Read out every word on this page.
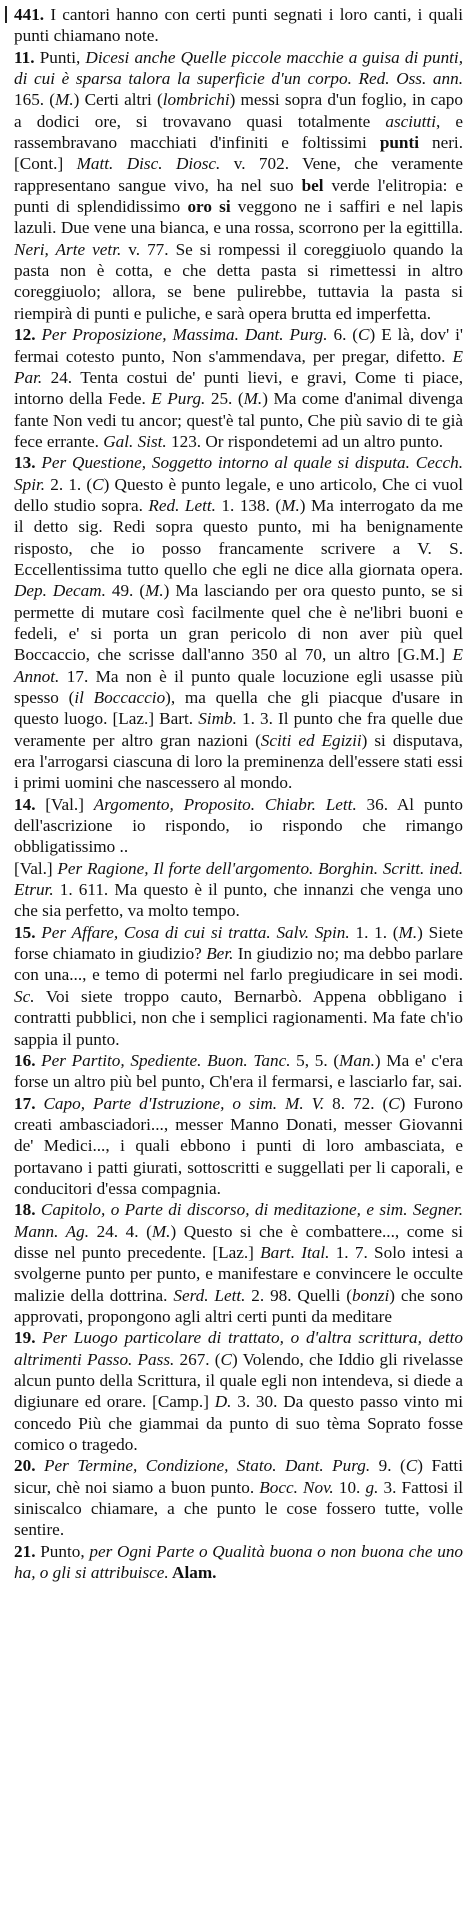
441. I cantori hanno con certi punti segnati i loro canti, i quali punti chiamano note.

11. Punti, Dicesi anche Quelle piccole macchie a guisa di punti, di cui è sparsa talora la superficie d'un corpo. Red. Oss. ann. 165. (M.) Certi altri (lombrichi) messi sopra d'un foglio, in capo a dodici ore, si trovavano quasi totalmente asciutti, e rassembravano macchiati d'infiniti e foltissimi punti neri. [Cont.] Matt. Disc. Diosc. v. 702. Vene, che veramente rappresentano sangue vivo, ha nel suo bel verde l'elitropia: e punti di splendidissimo oro si veggono ne i saffiri e nel lapis lazuli. Due vene una bianca, e una rossa, scorrono per la egittilla. Neri, Arte vetr. v. 77. Se si rompessi il coreggiuolo quando la pasta non è cotta, e che detta pasta si rimettessi in altro coreggiuolo; allora, se bene pulirebbe, tuttavia la pasta si riempirà di punti e puliche, e sarà opera brutta ed imperfetta.

12. Per Proposizione, Massima. Dant. Purg. 6. (C) E là, dov' i' fermai cotesto punto, Non s'ammendava, per pregar, difetto. E Par. 24. Tenta costui de' punti lievi, e gravi, Come ti piace, intorno della Fede. E Purg. 25. (M.) Ma come d'animal divenga fante Non vedi tu ancor; quest'è tal punto, Che più savio di te già fece errante. Gal. Sist. 123. Or rispondetemi ad un altro punto.

13. Per Questione, Soggetto intorno al quale si disputa. Cecch. Spir. 2. 1. (C) Questo è punto legale, e uno articolo, Che ci vuol dello studio sopra. Red. Lett. 1. 138. (M.) Ma interrogato da me il detto sig. Redi sopra questo punto, mi ha benignamente risposto, che io posso francamente scrivere a V. S. Eccellentissima tutto quello che egli ne dice alla giornata opera. Dep. Decam. 49. (M.) Ma lasciando per ora questo punto, se si permette di mutare così facilmente quel che è ne'libri buoni e fedeli, e' si porta un gran pericolo di non aver più quel Boccaccio, che scrisse dall'anno 350 al 70, un altro [G.M.] E Annot. 17. Ma non è il punto quale locuzione egli usasse più spesso (il Boccaccio), ma quella che gli piacque d'usare in questo luogo. [Laz.] Bart. Simb. 1. 3. Il punto che fra quelle due veramente per altro gran nazioni (Sciti ed Egizii) si disputava, era l'arrogarsi ciascuna di loro la preminenza dell'essere stati essi i primi uomini che nascessero al mondo.

14. [Val.] Argomento, Proposito. Chiabr. Lett. 36. Al punto dell'ascrizione io rispondo, io rispondo che rimango obbligatissimo ..

[Val.] Per Ragione, Il forte dell'argomento. Borghin. Scritt. ined. Etrur. 1. 611. Ma questo è il punto, che innanzi che venga uno che sia perfetto, va molto tempo.

15. Per Affare, Cosa di cui si tratta. Salv. Spin. 1. 1. (M.) Siete forse chiamato in giudizio? Ber. In giudizio no; ma debbo parlare con una..., e temo di potermi nel farlo pregiudicare in sei modi. Sc. Voi siete troppo cauto, Bernarbò. Appena obbligano i contratti pubblici, non che i semplici ragionamenti. Ma fate ch'io sappia il punto.

16. Per Partito, Spediente. Buon. Tanc. 5, 5. (Man.) Ma e' c'era forse un altro più bel punto, Ch'era il fermarsi, e lasciarlo far, sai.

17. Capo, Parte d'Istruzione, o sim. M. V. 8. 72. (C) Furono creati ambasciadori..., messer Manno Donati, messer Giovanni de' Medici..., i quali ebbono i punti di loro ambasciata, e portavano i patti giurati, sottoscritti e suggellati per li caporali, e conducitori d'essa compagnia.

18. Capitolo, o Parte di discorso, di meditazione, e sim. Segner. Mann. Ag. 24. 4. (M.) Questo si che è combattere..., come si disse nel punto precedente. [Laz.] Bart. Ital. 1. 7. Solo intesi a svolgerne punto per punto, e manifestare e convincere le occulte malizie della dottrina. Serd. Lett. 2. 98. Quelli (bonzi) che sono approvati, propongono agli altri certi punti da meditare

19. Per Luogo particolare di trattato, o d'altra scrittura, detto altrimenti Passo. Pass. 267. (C) Volendo, che Iddio gli rivelasse alcun punto della Scrittura, il quale egli non intendeva, si diede a digiunare ed orare. [Camp.] D. 3. 30. Da questo passo vinto mi concedo Più che giammai da punto di suo tèma Soprato fosse comico o tragedo.

20. Per Termine, Condizione, Stato. Dant. Purg. 9. (C) Fatti sicur, chè noi siamo a buon punto. Bocc. Nov. 10. g. 3. Fattosi il siniscalco chiamare, a che punto le cose fossero tutte, volle sentire.

21. Punto, per Ogni Parte o Qualità buona o non buona che uno ha, o gli si attribuisce. Alam.
